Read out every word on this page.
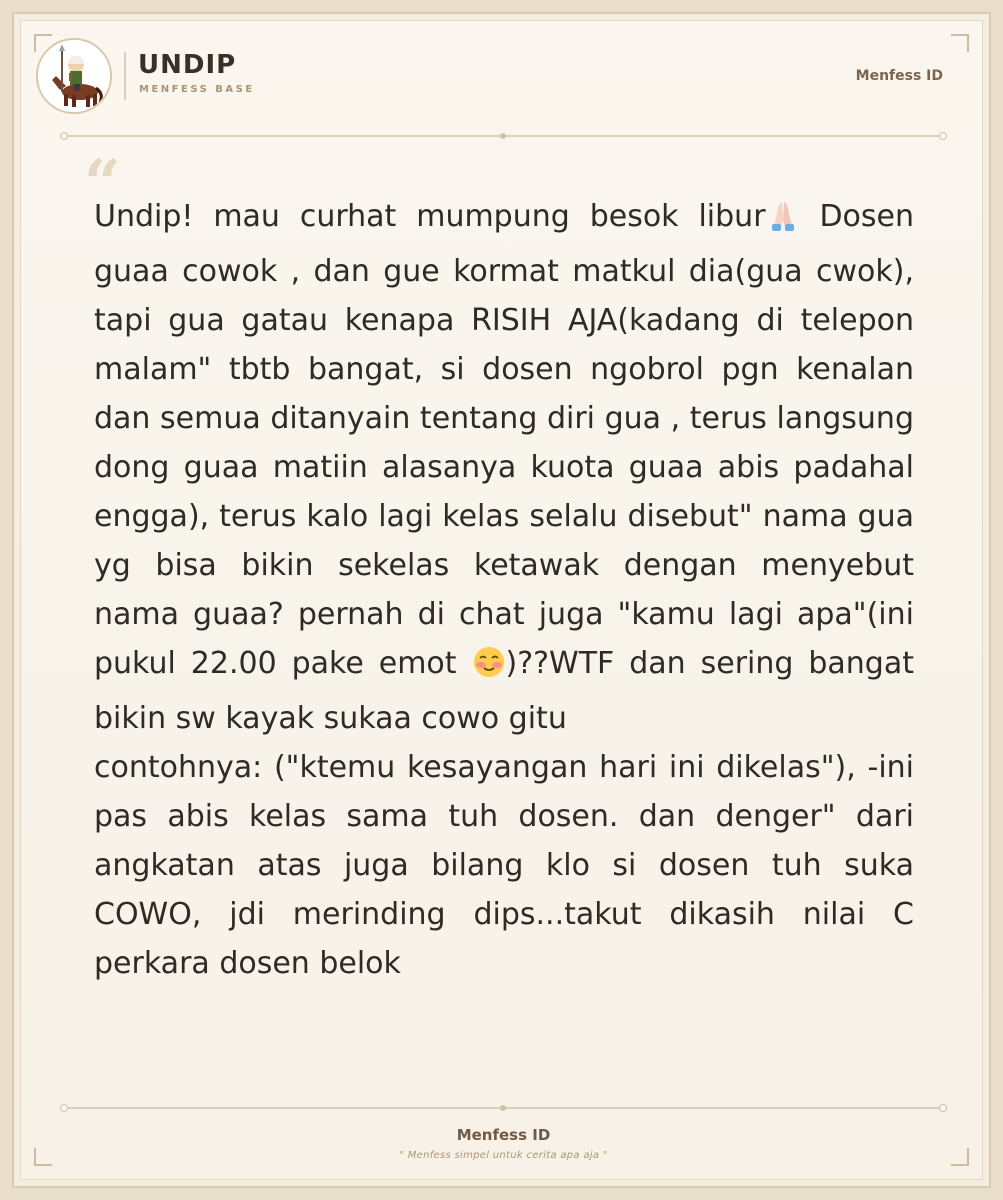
UNDIP
MENFESS BASE
Menfess ID
“

Undip! mau curhat mumpung besok libur Dosen guaa cowok , dan gue kormat matkul dia(gua cwok), tapi gua gatau kenapa RISIH AJA(kadang di telepon malam" tbtb bangat, si dosen ngobrol pgn kenalan dan semua ditanyain tentang diri gua , terus langsung dong guaa matiin alasanya kuota guaa abis padahal engga), terus kalo lagi kelas selalu disebut" nama gua yg bisa bikin sekelas ketawak dengan menyebut nama guaa? pernah di chat juga "kamu lagi apa"(ini pukul 22.00 pake emot )??WTF dan sering bangat bikin sw kayak sukaa cowo gitu

contohnya: ("ktemu kesayangan hari ini dikelas"), -ini pas abis kelas sama tuh dosen. dan denger" dari angkatan atas juga bilang klo si dosen tuh suka COWO, jdi merinding dips...takut dikasih nilai C perkara dosen belok

Menfess ID
" Menfess simpel untuk cerita apa aja "
